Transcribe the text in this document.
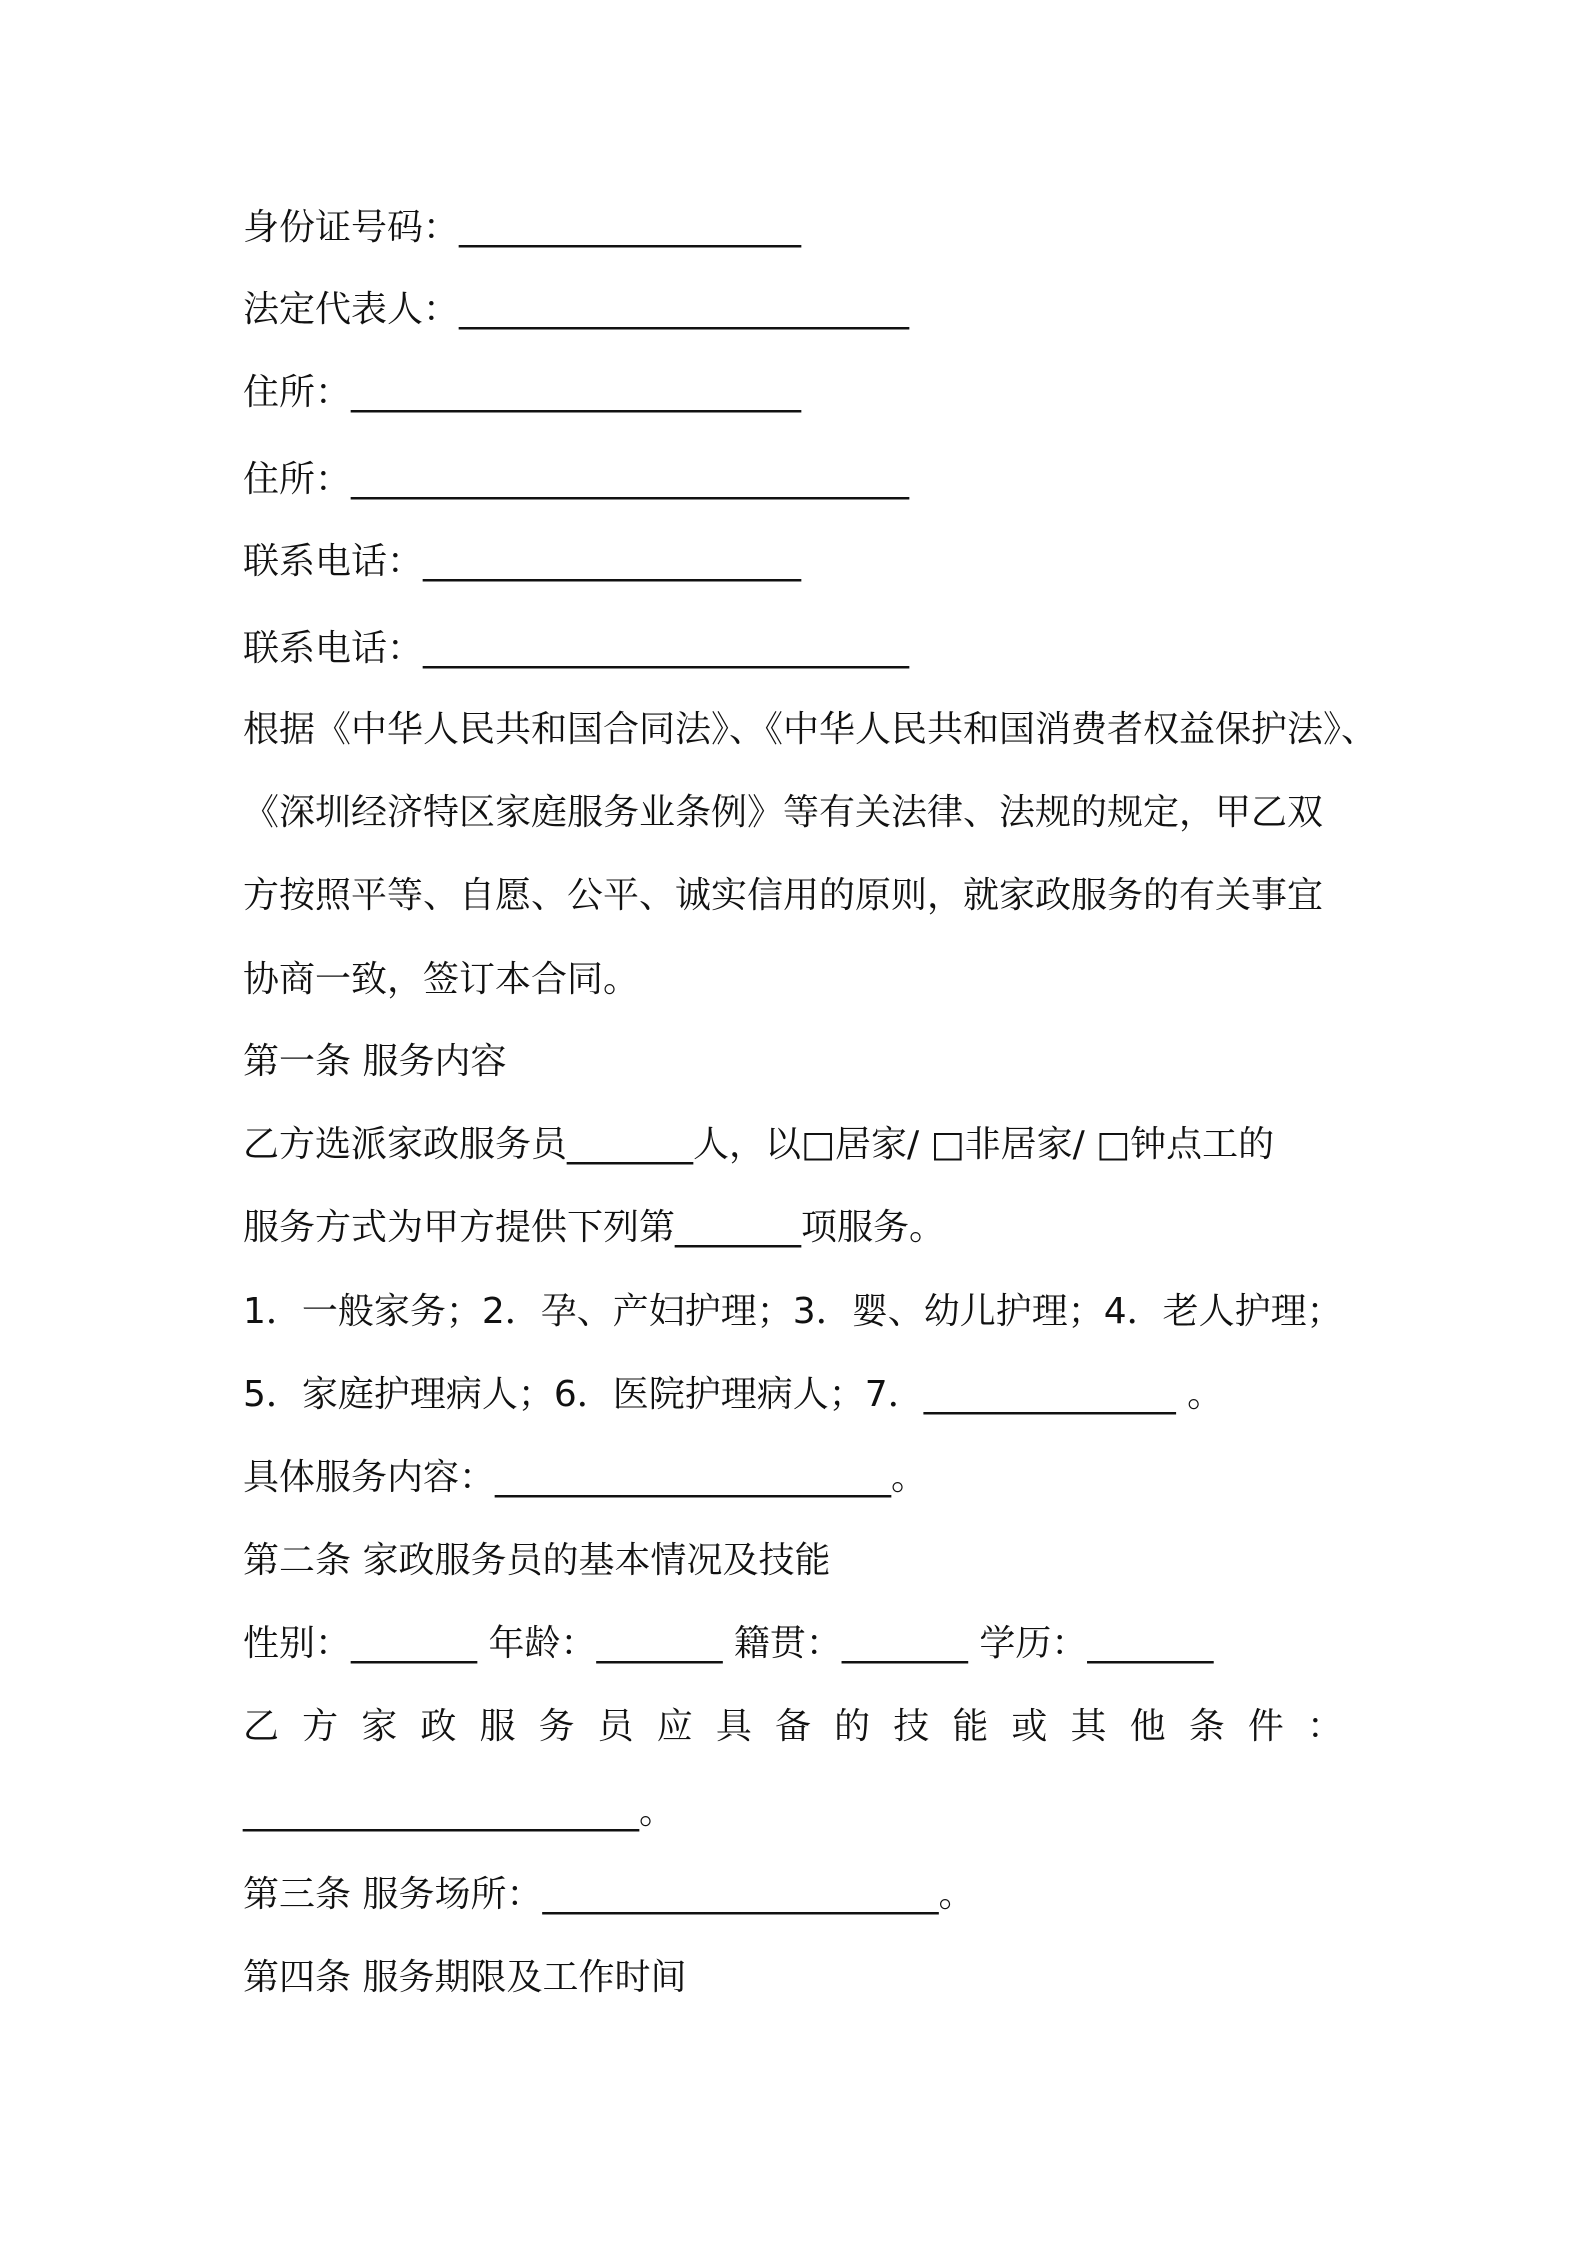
身份证号码：___________________

法定代表人：_________________________

住所：_________________________

住所：_______________________________

联系电话：_____________________

联系电话：___________________________

根据《中华人民共和国合同法》、《中华人民共和国消费者权益保护法》、

《深圳经济特区家庭服务业条例》等有关法律、法规的规定，甲乙双

方按照平等、自愿、公平、诚实信用的原则，就家政服务的有关事宜

协商一致，签订本合同。

第一条 服务内容

乙方选派家政服务员_______人，以□居家/ □非居家/ □钟点工的

服务方式为甲方提供下列第_______项服务。

1．一般家务；2．孕、产妇护理；3．婴、幼儿护理；4．老人护理；

5．家庭护理病人；6．医院护理病人；7．______________ 。

具体服务内容：______________________。

第二条 家政服务员的基本情况及技能

性别：_______ 年龄：_______ 籍贯：_______ 学历：_______

乙方家政服务员应具备的技能或其他条件：

______________________。

第三条 服务场所：______________________。

第四条 服务期限及工作时间
